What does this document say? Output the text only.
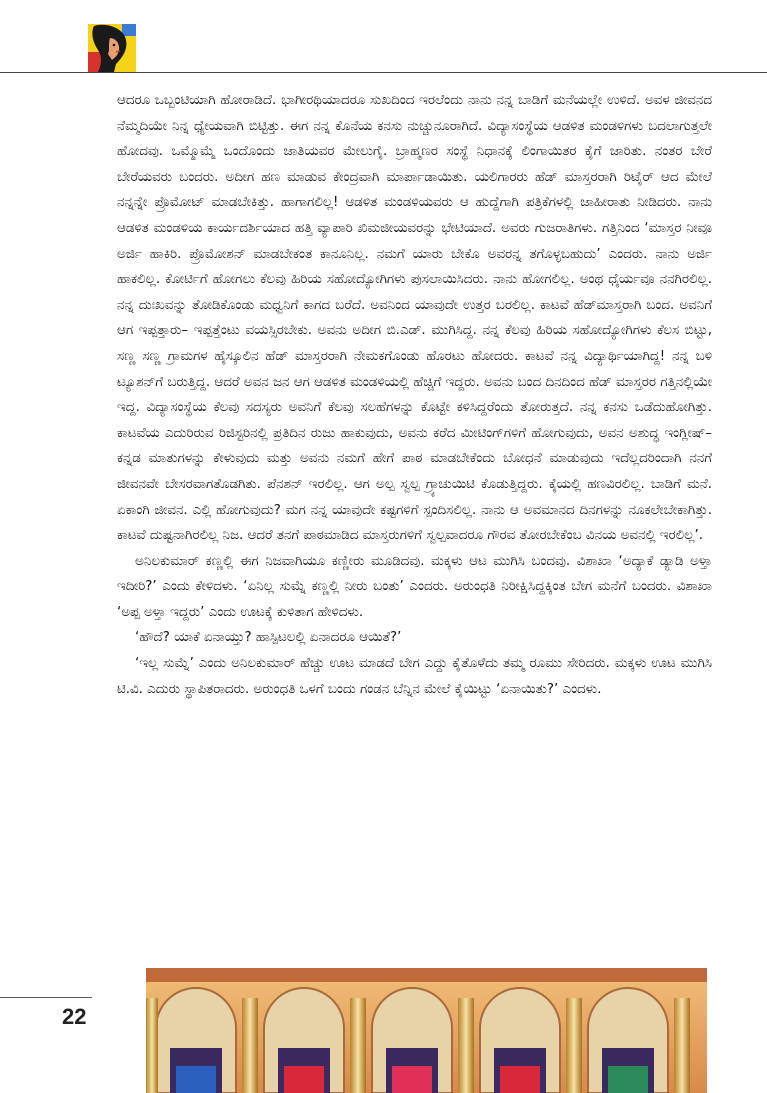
ಆದರೂ ಒಬ್ಬಂಟಿಯಾಗಿ ಹೋರಾಡಿದೆ. ಭಾಗೀರಥಿಯಾದರೂ ಸುಖದಿಂದ ಇರಲೆಂದು ನಾನು ನನ್ನ ಬಾಡಿಗೆ ಮನೆಯಲ್ಲೇ ಉಳಿದೆ. ಅವಳ ಜೀವನದ ನೆಮ್ಮದಿಯೇ ನಿನ್ನ ಧ್ಯೇಯವಾಗಿ ಬಿಟ್ಟಿತ್ತು. ಈಗ ನನ್ನ ಕೊನೆಯ ಕನಸು ನುಚ್ಚುನೂರಾಗಿದೆ. ವಿದ್ಯಾಸಂಸ್ಥೆಯ ಆಡಳಿತ ಮಂಡಳಿಗಳು ಬದಲಾಗುತ್ತಲೇ ಹೋದವು. ಒಮ್ಮೊಮ್ಮೆ ಒಂದೊಂದು ಜಾತಿಯವರ ಮೇಲುಗೈ. ಬ್ರಾಹ್ಮಣರ ಸಂಸ್ಥೆ ನಿಧಾನಕ್ಕೆ ಲಿಂಗಾಯಿತರ ಕೈಗೆ ಜಾರಿತು. ನಂತರ ಬೇರೆ ಬೇರೆಯವರು ಬಂದರು. ಅದೀಗ ಹಣ ಮಾಡುವ ಕೇಂದ್ರವಾಗಿ ಮಾರ್ಪಾಡಾಯಿತು. ಯಲಿಗಾರರು ಹೆಡ್ ಮಾಸ್ತರರಾಗಿ ರಿಟೈರ್ ಆದ ಮೇಲೆ ನನ್ನನ್ನೇ ಪ್ರೊಮೋಟ್ ಮಾಡಬೇಕಿತ್ತು. ಹಾಗಾಗಲಿಲ್ಲ! ಆಡಳಿತ ಮಂಡಳಿಯವರು ಆ ಹುದ್ದೆಗಾಗಿ ಪತ್ರಿಕೆಗಳಲ್ಲಿ ಜಾಹೀರಾತು ನೀಡಿದರು. ನಾನು ಆಡಳಿತ ಮಂಡಳಿಯ ಕಾರ್ಯದರ್ಶಿಯಾದ ಹತ್ತಿ ವ್ಯಾಪಾರಿ ಖಿಮಜೀಯವರನ್ನು ಭೇಟಿಯಾದೆ. ಅವರು ಗುಜರಾತಿಗಳು. ಗತ್ತಿನಿಂದ ‘ಮಾಸ್ತರ ನೀವೂ ಅರ್ಜಿ ಹಾಕಿರಿ. ಪ್ರೊಮೋಶನ್ ಮಾಡಬೇಕಂತ ಕಾನೂನಿಲ್ಲ. ನಮಗೆ ಯಾರು ಬೇಕೊ ಅವರನ್ನ ತಗೊಳ್ಳಬಹುದು’ ಎಂದರು. ನಾನು ಅರ್ಜಿ ಹಾಕಲಿಲ್ಲ. ಕೋರ್ಟಿಗೆ ಹೋಗಲು ಕೆಲವು ಹಿರಿಯ ಸಹೋದ್ಯೋಗಿಗಳು ಪುಸಲಾಯಿಸಿದರು. ನಾನು ಹೋಗಲಿಲ್ಲ. ಅಂಥ ಧೈರ್ಯವೂ ನನಗಿರಲಿಲ್ಲ. ನನ್ನ ದುಃಖವನ್ನು ತೋಡಿಕೊಂಡು ಮಧ್ವನಿಗೆ ಕಾಗದ ಬರೆದೆ. ಅವನಿಂದ ಯಾವುದೇ ಉತ್ತರ ಬರಲಿಲ್ಲ. ಕಾಟವೆ ಹೆಡ್‌ಮಾಸ್ತರಾಗಿ ಬಂದ. ಅವನಿಗೆ ಆಗ ಇಪ್ಪತ್ತಾರು– ಇಪ್ಪತ್ತೆಂಟು ವಯಸ್ಸಿರಬೇಕು. ಅವನು ಅದೀಗ ಬಿ.ಎಡ್. ಮುಗಿಸಿದ್ದ. ನನ್ನ ಕೆಲವು ಹಿರಿಯ ಸಹೋದ್ಯೋಗಿಗಳು ಕೆಲಸ ಬಿಟ್ಟು, ಸಣ್ಣ ಸಣ್ಣ ಗ್ರಾಮಗಳ ಹೈಸ್ಕೂಲಿನ ಹೆಡ್ ಮಾಸ್ತರರಾಗಿ ನೇಮಕಗೊಂಡು ಹೊರಟು ಹೋದರು. ಕಾಟವೆ ನನ್ನ ವಿದ್ಯಾರ್ಥಿಯಾಗಿದ್ದ! ನನ್ನ ಬಳಿ ಟ್ಯೂಶನ್‌ಗೆ ಬರುತ್ತಿದ್ದ. ಆದರೆ ಅವನ ಜನ ಆಗ ಆಡಳಿತ ಮಂಡಳಿಯಲ್ಲಿ ಹೆಚ್ಚಿಗೆ ಇದ್ದರು. ಅವನು ಬಂದ ದಿನದಿಂದ ಹೆಡ್ ಮಾಸ್ತರರ ಗತ್ತಿನಲ್ಲಿಯೇ ಇದ್ದ. ವಿದ್ಯಾಸಂಸ್ಥೆಯ ಕೆಲವು ಸದಸ್ಯರು ಅವನಿಗೆ ಕೆಲವು ಸಲಹೆಗಳನ್ನು ಕೊಟ್ಟೇ ಕಳಿಸಿದ್ದರೆಂದು ತೋರುತ್ತದೆ. ನನ್ನ ಕನಸು ಒಡೆದುಹೋಗಿತ್ತು. ಕಾಟವೆಯ ಎದುರಿರುವ ರಿಜಿಸ್ಟರಿನಲ್ಲಿ ಪ್ರತಿದಿನ ರುಜು ಹಾಕುವುದು, ಅವನು ಕರೆದ ಮೀಟಿಂಗ್‌ಗಳಿಗೆ ಹೋಗುವುದು, ಅವನ ಅಶುದ್ಧ ಇಂಗ್ಲೀಷ್–ಕನ್ನಡ ಮಾತುಗಳನ್ನು ಕೇಳುವುದು ಮತ್ತು ಅವನು ನಮಗೆ ಹೇಗೆ ಪಾಠ ಮಾಡಬೇಕೆಂದು ಬೋಧನೆ ಮಾಡುವುದು ಇದೆಲ್ಲದರಿಂದಾಗಿ ನನಗೆ ಜೀವನವೇ ಬೇಸರವಾಗತೊಡಗಿತು. ಪೆನಶನ್ ಇರಲಿಲ್ಲ. ಆಗ ಅಲ್ಪ ಸ್ವಲ್ಪ ಗ್ರ್ಯಾಚುಯಿಟಿ ಕೊಡುತ್ತಿದ್ದರು. ಕೈಯಲ್ಲಿ ಹಣವಿರಲಿಲ್ಲ. ಬಾಡಿಗೆ ಮನೆ. ಏಕಾಂಗಿ ಜೀವನ. ಎಲ್ಲಿ ಹೋಗುವುದು? ಮಗ ನನ್ನ ಯಾವುದೇ ಕಷ್ಟಗಳಿಗೆ ಸ್ಪಂದಿಸಲಿಲ್ಲ. ನಾನು ಆ ಅವಮಾನದ ದಿನಗಳನ್ನು ನೂಕಲೇಬೇಕಾಗಿತ್ತು. ಕಾಟವೆ ದುಷ್ಟನಾಗಿರಲಿಲ್ಲ ನಿಜ. ಆದರೆ ತನಗೆ ಪಾಠಮಾಡಿದ ಮಾಸ್ತರುಗಳಿಗೆ ಸ್ವಲ್ಪವಾದರೂ ಗೌರವ ತೋರಬೇಕೆಂಬ ವಿನಯ ಅವನಲ್ಲಿ ಇರಲಿಲ್ಲ’.

ಅನಿಲಕುಮಾರ್ ಕಣ್ಣಲ್ಲಿ ಈಗ ನಿಜವಾಗಿಯೂ ಕಣ್ಣೀರು ಮೂಡಿದವು. ಮಕ್ಕಳು ಆಟ ಮುಗಿಸಿ ಬಂದವು. ವಿಶಾಖಾ ‘ಅದ್ಯಾಕೆ ಡ್ಯಾಡಿ ಅಳ್ತಾ ಇದೀರಿ?’ ಎಂದು ಕೇಳಿದಳು. ‘ಏನಿಲ್ಲ ಸುಮ್ನೆ ಕಣ್ಣಲ್ಲಿ ನೀರು ಬಂತು’ ಎಂದರು. ಅರುಂಧತಿ ನಿರೀಕ್ಷಿಸಿದ್ದಕ್ಕಿಂತ ಬೇಗ ಮನೆಗೆ ಬಂದರು. ವಿಶಾಖಾ ‘ಅಪ್ಪ ಅಳ್ತಾ ಇದ್ದರು’ ಎಂದು ಊಟಕ್ಕೆ ಕುಳಿತಾಗ ಹೇಳಿದಳು.

‘ಹೌದೆ? ಯಾಕೆ ಏನಾಯ್ತು? ಹಾಸ್ಪಿಟಲಲ್ಲಿ ಏನಾದರೂ ಆಯಿತೆ?’

‘ಇಲ್ಲ ಸುಮ್ನೆ’ ಎಂದು ಅನಿಲಕುಮಾರ್ ಹೆಚ್ಚು ಊಟ ಮಾಡದೆ ಬೇಗ ಎದ್ದು ಕೈತೊಳೆದು ತಮ್ಮ ರೂಮು ಸೇರಿದರು. ಮಕ್ಕಳು ಊಟ ಮುಗಿಸಿ ಟಿ.ವಿ. ಎದುರು ಸ್ಥಾಪಿತರಾದರು. ಅರುಂಧತಿ ಒಳಗೆ ಬಂದು ಗಂಡನ ಬೆನ್ನಿನ ಮೇಲೆ ಕೈಯಿಟ್ಟು ‘ಏನಾಯಿತು?’ ಎಂದಳು.

22
